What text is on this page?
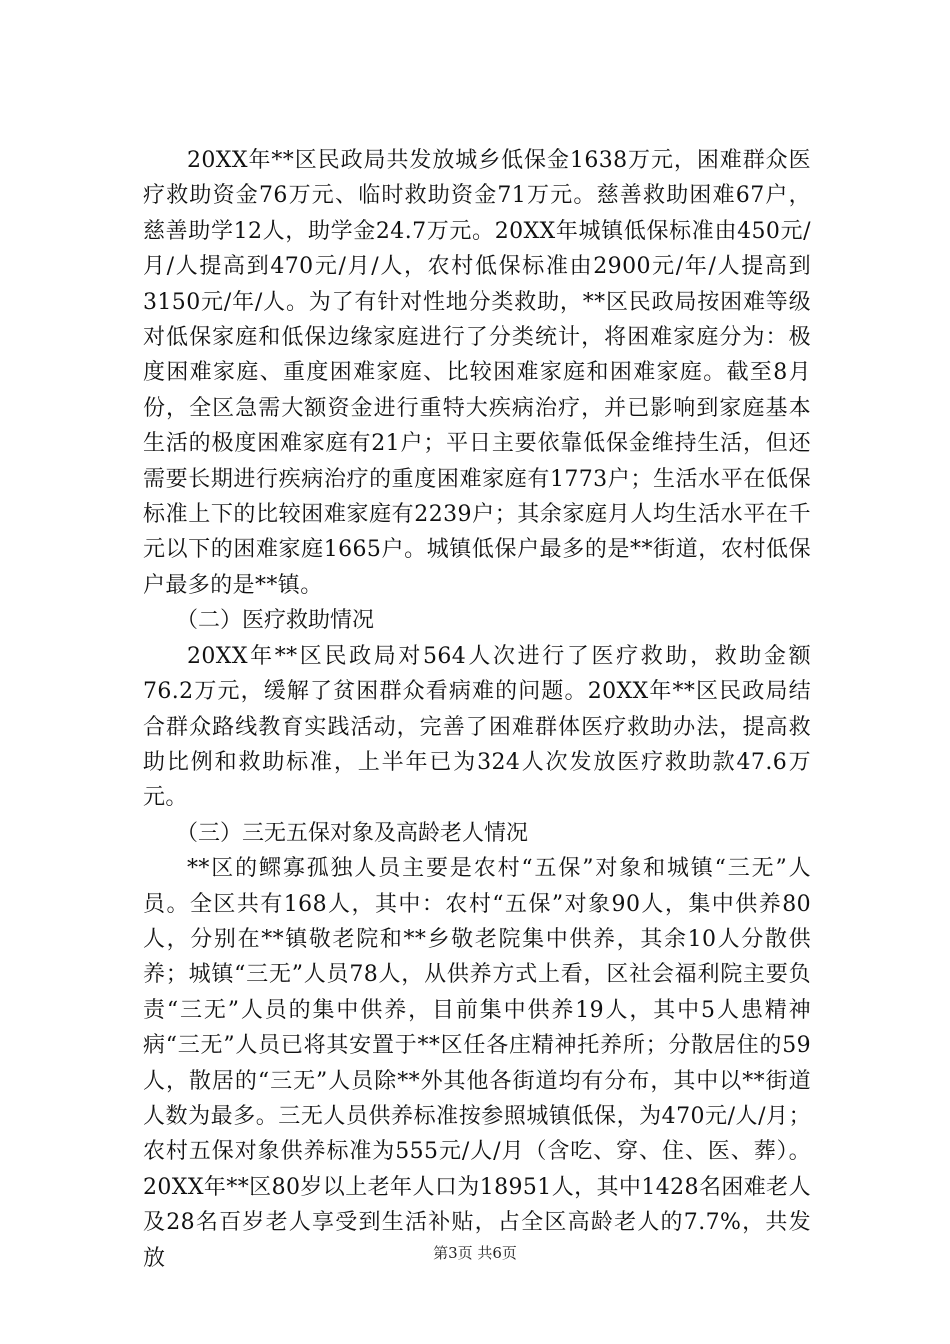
20XX年**区民政局共发放城乡低保金1638万元，困难群众医疗救助资金76万元、临时救助资金71万元。慈善救助困难67户，慈善助学12人，助学金24.7万元。20XX年城镇低保标准由450元/月/人提高到470元/月/人，农村低保标准由2900元/年/人提高到3150元/年/人。为了有针对性地分类救助，**区民政局按困难等级对低保家庭和低保边缘家庭进行了分类统计，将困难家庭分为：极度困难家庭、重度困难家庭、比较困难家庭和困难家庭。截至8月份，全区急需大额资金进行重特大疾病治疗，并已影响到家庭基本生活的极度困难家庭有21户；平日主要依靠低保金维持生活，但还需要长期进行疾病治疗的重度困难家庭有1773户；生活水平在低保标准上下的比较困难家庭有2239户；其余家庭月人均生活水平在千元以下的困难家庭1665户。城镇低保户最多的是**街道，农村低保户最多的是**镇。

（二）医疗救助情况

20XX年**区民政局对564人次进行了医疗救助，救助金额76.2万元，缓解了贫困群众看病难的问题。20XX年**区民政局结合群众路线教育实践活动，完善了困难群体医疗救助办法，提高救助比例和救助标准，上半年已为324人次发放医疗救助款47.6万元。

（三）三无五保对象及高龄老人情况

**区的鳏寡孤独人员主要是农村“五保”对象和城镇“三无”人员。全区共有168人，其中：农村“五保”对象90人，集中供养80人，分别在**镇敬老院和**乡敬老院集中供养，其余10人分散供养；城镇“三无”人员78人，从供养方式上看，区社会福利院主要负责“三无”人员的集中供养，目前集中供养19人，其中5人患精神病“三无”人员已将其安置于**区任各庄精神托养所；分散居住的59人，散居的“三无”人员除**外其他各街道均有分布，其中以**街道人数为最多。三无人员供养标准按参照城镇低保，为470元/人/月；农村五保对象供养标准为555元/人/月（含吃、穿、住、医、葬）。20XX年**区80岁以上老年人口为18951人，其中1428名困难老人及28名百岁老人享受到生活补贴，占全区高龄老人的7.7%，共发放	第3页 共6页
